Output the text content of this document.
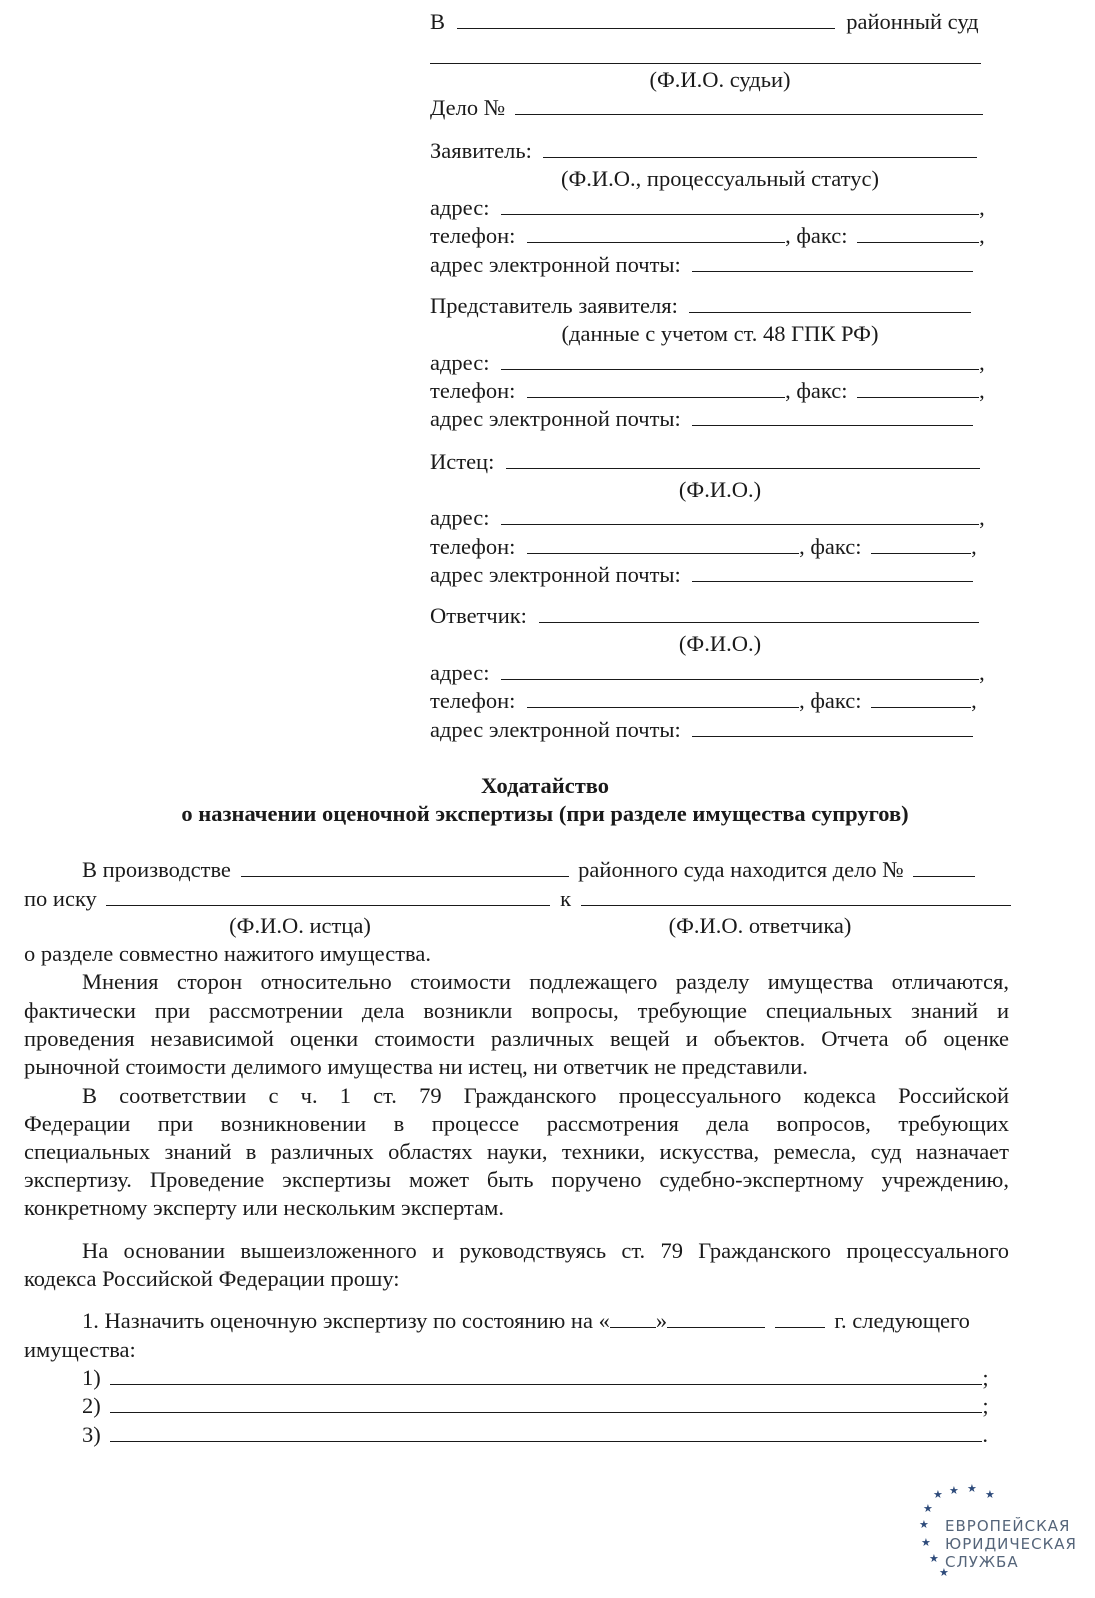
В	районный суд
(Ф.И.О. судьи)
Дело №
Заявитель:
(Ф.И.О., процессуальный статус)
адрес:	,
телефон:	, факс:	,
адрес электронной почты:
Представитель заявителя:
(данные с учетом ст. 48 ГПК РФ)
адрес:	,
телефон:	, факс:	,
адрес электронной почты:
Истец:
(Ф.И.О.)
адрес:	,
телефон:	, факс:	,
адрес электронной почты:
Ответчик:
(Ф.И.О.)
адрес:	,
телефон:	, факс:	,
адрес электронной почты:
Ходатайство
о назначении оценочной экспертизы (при разделе имущества супругов)
В производстве	районного суда находится дело №
по иску	к
(Ф.И.О. истца)	(Ф.И.О. ответчика)
о разделе совместно нажитого имущества.
Мнения сторон относительно стоимости подлежащего разделу имущества отличаются,
фактически при рассмотрении дела возникли вопросы, требующие специальных знаний и
проведения независимой оценки стоимости различных вещей и объектов. Отчета об оценке
рыночной стоимости делимого имущества ни истец, ни ответчик не представили.
В соответствии с ч. 1 ст. 79 Гражданского процессуального кодекса Российской
Федерации при возникновении в процессе рассмотрения дела вопросов, требующих
специальных знаний в различных областях науки, техники, искусства, ремесла, суд назначает
экспертизу. Проведение экспертизы может быть поручено судебно-экспертному учреждению,
конкретному эксперту или нескольким экспертам.
На основании вышеизложенного и руководствуясь ст. 79 Гражданского процессуального
кодекса Российской Федерации прошу:
1. Назначить оценочную экспертизу по состоянию на « »	г. следующего
имущества:
1)	;
2)	;
3)	.
★ ★ ★ ★
★
★
★
★
★
ЕВРОПЕЙСКАЯ
ЮРИДИЧЕСКАЯ
СЛУЖБА
